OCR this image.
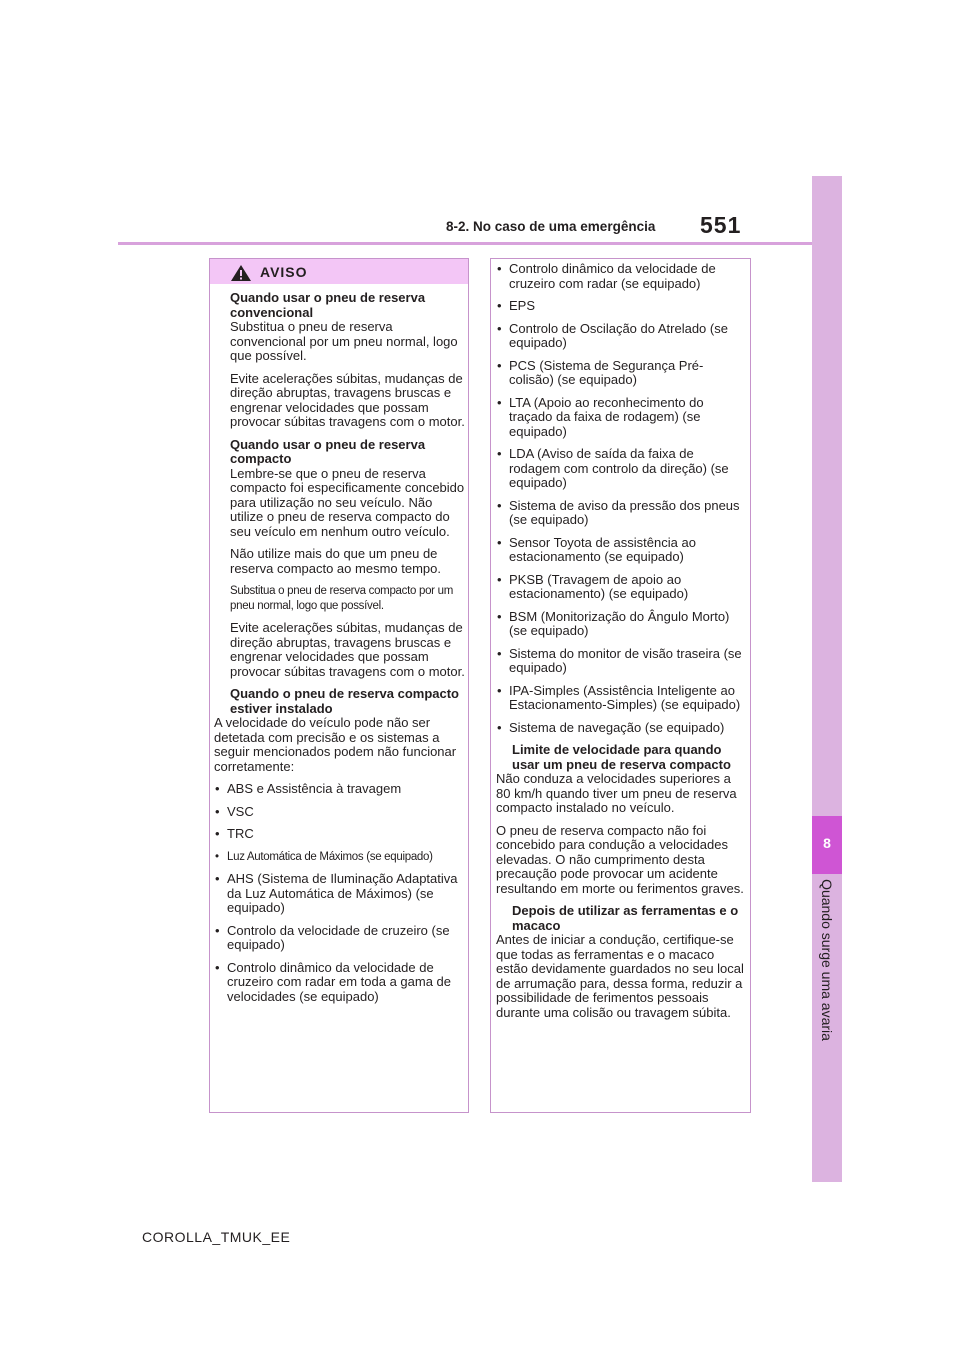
551
8-2. No caso de uma emergência
8
Quando surge uma avaria
AVISO

Quando usar o pneu de reserva convencional

Substitua o pneu de reserva convencional por um pneu normal, logo que possível.

Evite acelerações súbitas, mudanças de direção abruptas, travagens bruscas e engrenar velocidades que possam provocar súbitas travagens com o motor.

Quando usar o pneu de reserva compacto

Lembre-se que o pneu de reserva compacto foi especificamente concebido para utilização no seu veículo. Não utilize o pneu de reserva compacto do seu veículo em nenhum outro veículo.

Não utilize mais do que um pneu de reserva compacto ao mesmo tempo.

Substitua o pneu de reserva compacto por um pneu normal, logo que possível.

Evite acelerações súbitas, mudanças de direção abruptas, travagens bruscas e engrenar velocidades que possam provocar súbitas travagens com o motor.

Quando o pneu de reserva compacto estiver instalado

A velocidade do veículo pode não ser detetada com precisão e os sistemas a seguir mencionados podem não funcionar corretamente:

• ABS e Assistência à travagem

• VSC

• TRC

• Luz Automática de Máximos (se equipado)

• AHS (Sistema de Iluminação Adaptativa da Luz Automática de Máximos) (se equipado)

• Controlo da velocidade de cruzeiro (se equipado)

• Controlo dinâmico da velocidade de cruzeiro com radar em toda a gama de velocidades (se equipado)

• Controlo dinâmico da velocidade de cruzeiro com radar (se equipado)

• EPS

• Controlo de Oscilação do Atrelado (se equipado)

• PCS (Sistema de Segurança Pré-colisão) (se equipado)

• LTA (Apoio ao reconhecimento do traçado da faixa de rodagem) (se equipado)

• LDA (Aviso de saída da faixa de rodagem com controlo da direção) (se equipado)

• Sistema de aviso da pressão dos pneus (se equipado)

• Sensor Toyota de assistência ao estacionamento (se equipado)

• PKSB (Travagem de apoio ao estacionamento) (se equipado)

• BSM (Monitorização do Ângulo Morto) (se equipado)

• Sistema do monitor de visão traseira (se equipado)

• IPA-Simples (Assistência Inteligente ao Estacionamento-Simples) (se equipado)

• Sistema de navegação (se equipado)

Limite de velocidade para quando usar um pneu de reserva compacto

Não conduza a velocidades superiores a 80 km/h quando tiver um pneu de reserva compacto instalado no veículo.

O pneu de reserva compacto não foi concebido para condução a velocidades elevadas. O não cumprimento desta precaução pode provocar um acidente resultando em morte ou ferimentos graves.

Depois de utilizar as ferramentas e o macaco

Antes de iniciar a condução, certifique-se que todas as ferramentas e o macaco estão devidamente guardados no seu local de arrumação para, dessa forma, reduzir a possibilidade de ferimentos pessoais durante uma colisão ou travagem súbita.

COROLLA_TMUK_EE
